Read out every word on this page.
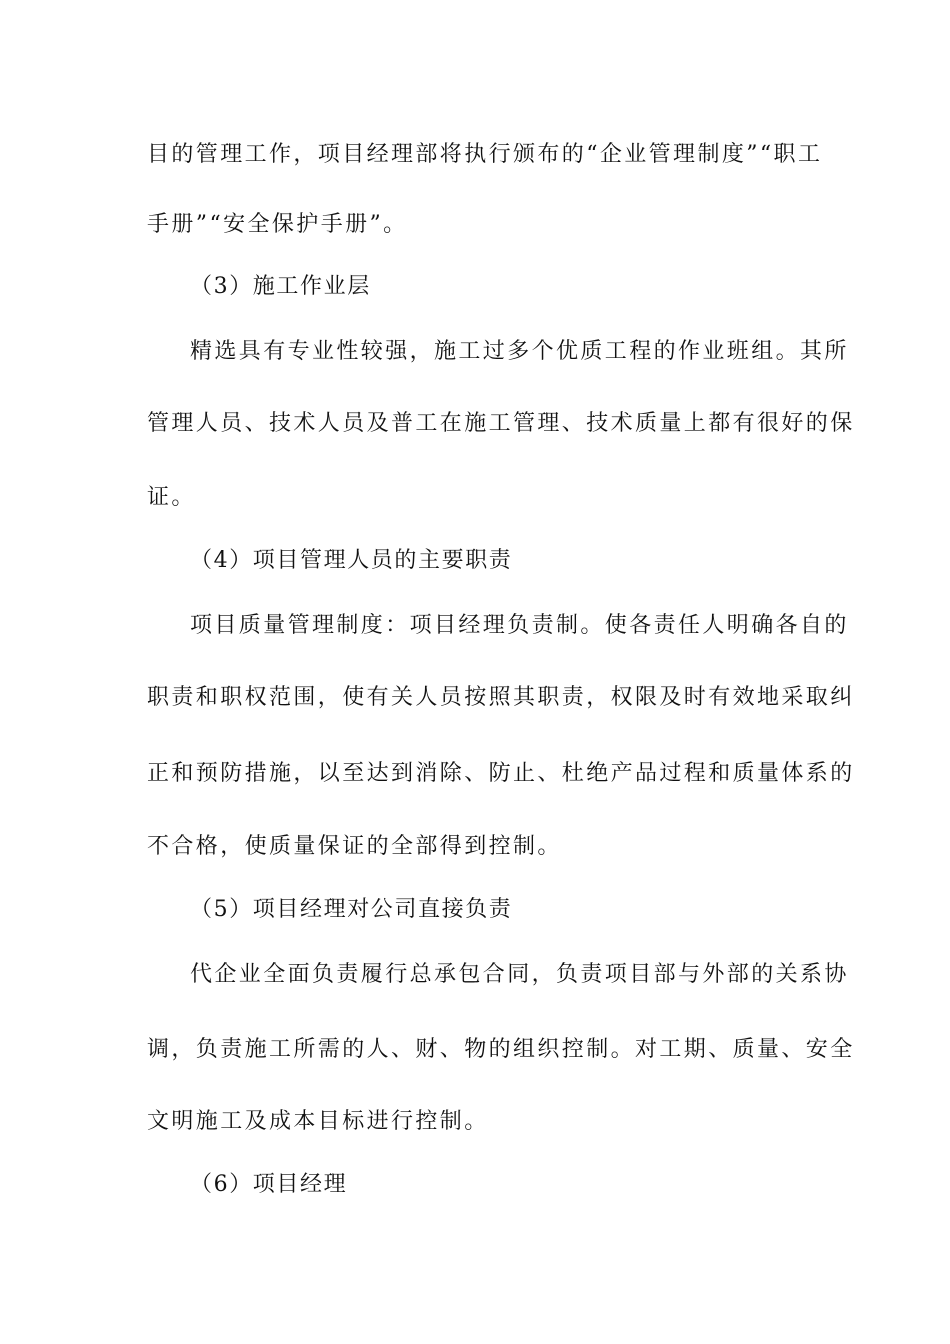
目的管理工作，项目经理部将执行颁布的“企业管理制度”“职工
手册”“安全保护手册”。
（3）施工作业层
精选具有专业性较强，施工过多个优质工程的作业班组。其所
管理人员、技术人员及普工在施工管理、技术质量上都有很好的保
证。
（4）项目管理人员的主要职责
项目质量管理制度：项目经理负责制。使各责任人明确各自的
职责和职权范围，使有关人员按照其职责，权限及时有效地采取纠
正和预防措施，以至达到消除、防止、杜绝产品过程和质量体系的
不合格，使质量保证的全部得到控制。
（5）项目经理对公司直接负责
代企业全面负责履行总承包合同，负责项目部与外部的关系协
调，负责施工所需的人、财、物的组织控制。对工期、质量、安全
文明施工及成本目标进行控制。
（6）项目经理
